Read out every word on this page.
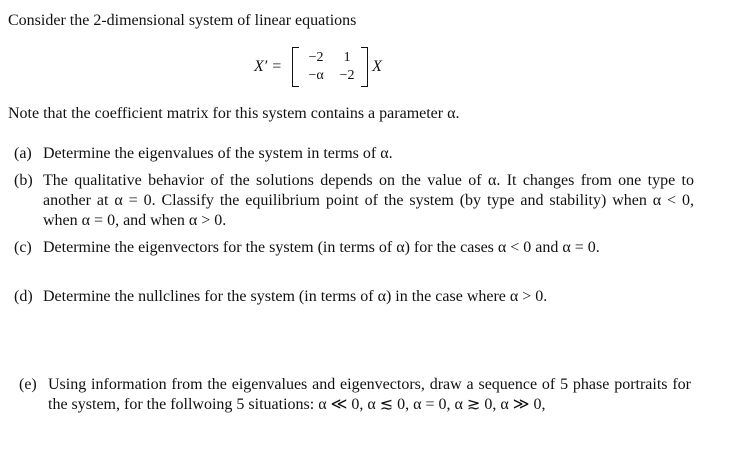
Consider the 2-dimensional system of linear equations
X′ =
−2	1
−α	−2
X
Note that the coefficient matrix for this system contains a parameter α.
(a) Determine the eigenvalues of the system in terms of α.
(b) The qualitative behavior of the solutions depends on the value of α. It changes from one type to another at α = 0. Classify the equilibrium point of the system (by type and stability) when α < 0, when α = 0, and when α > 0.
(c) Determine the eigenvectors for the system (in terms of α) for the cases α < 0 and α = 0.
(d) Determine the nullclines for the system (in terms of α) in the case where α > 0.
(e) Using information from the eigenvalues and eigenvectors, draw a sequence of 5 phase portraits for the system, for the follwoing 5 situations: α ≪ 0, α ≲ 0, α = 0, α ≳ 0, α ≫ 0,
